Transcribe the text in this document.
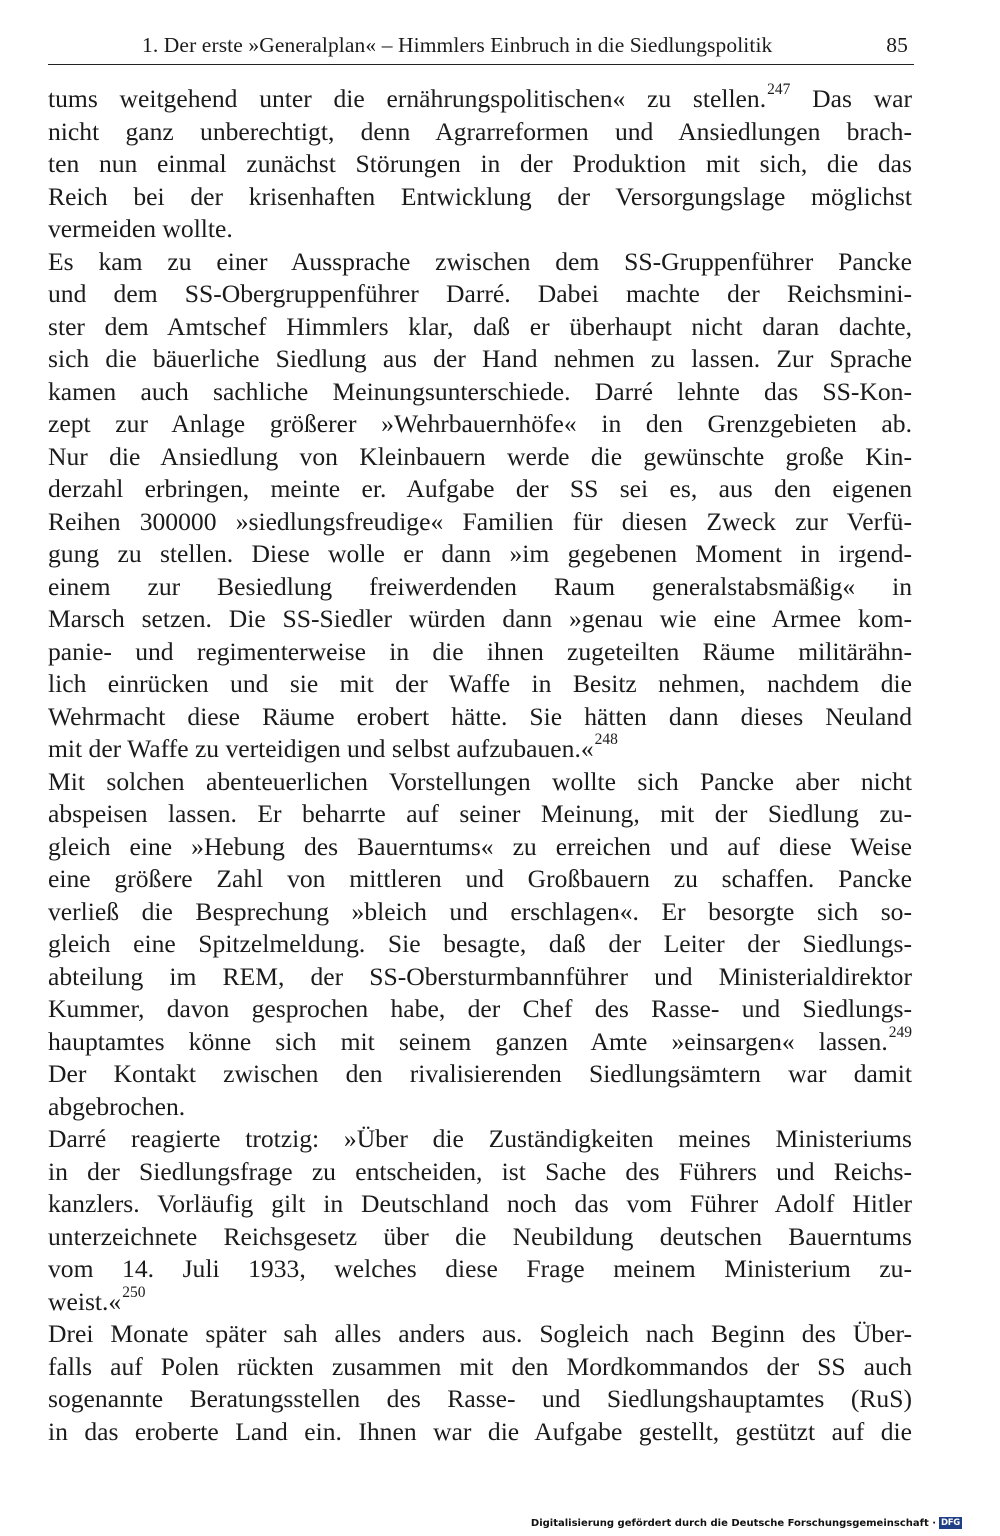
1. Der erste »Generalplan« – Himmlers Einbruch in die Siedlungspolitik	85
tums weitgehend unter die ernährungspolitischen« zu stellen.$^{247}$ Das war
nicht ganz unberechtigt, denn Agrarreformen und Ansiedlungen brach-
ten nun einmal zunächst Störungen in der Produktion mit sich, die das
Reich bei der krisenhaften Entwicklung der Versorgungslage möglichst
vermeiden wollte.
Es kam zu einer Aussprache zwischen dem SS-Gruppenführer Pancke
und dem SS-Obergruppenführer Darré. Dabei machte der Reichsmini-
ster dem Amtschef Himmlers klar, daß er überhaupt nicht daran dachte,
sich die bäuerliche Siedlung aus der Hand nehmen zu lassen. Zur Sprache
kamen auch sachliche Meinungsunterschiede. Darré lehnte das SS-Kon-
zept zur Anlage größerer »Wehrbauernhöfe« in den Grenzgebieten ab.
Nur die Ansiedlung von Kleinbauern werde die gewünschte große Kin-
derzahl erbringen, meinte er. Aufgabe der SS sei es, aus den eigenen
Reihen 300000 »siedlungsfreudige« Familien für diesen Zweck zur Verfü-
gung zu stellen. Diese wolle er dann »im gegebenen Moment in irgend-
einem zur Besiedlung freiwerdenden Raum generalstabsmäßig« in
Marsch setzen. Die SS-Siedler würden dann »genau wie eine Armee kom-
panie- und regimenterweise in die ihnen zugeteilten Räume militärähn-
lich einrücken und sie mit der Waffe in Besitz nehmen, nachdem die
Wehrmacht diese Räume erobert hätte. Sie hätten dann dieses Neuland
mit der Waffe zu verteidigen und selbst aufzubauen.«$^{248}$
Mit solchen abenteuerlichen Vorstellungen wollte sich Pancke aber nicht
abspeisen lassen. Er beharrte auf seiner Meinung, mit der Siedlung zu-
gleich eine »Hebung des Bauerntums« zu erreichen und auf diese Weise
eine größere Zahl von mittleren und Großbauern zu schaffen. Pancke
verließ die Besprechung »bleich und erschlagen«. Er besorgte sich so-
gleich eine Spitzelmeldung. Sie besagte, daß der Leiter der Siedlungs-
abteilung im REM, der SS-Obersturmbannführer und Ministerialdirektor
Kummer, davon gesprochen habe, der Chef des Rasse- und Siedlungs-
hauptamtes könne sich mit seinem ganzen Amte »einsargen« lassen.$^{249}$
Der Kontakt zwischen den rivalisierenden Siedlungsämtern war damit
abgebrochen.
Darré reagierte trotzig: »Über die Zuständigkeiten meines Ministeriums
in der Siedlungsfrage zu entscheiden, ist Sache des Führers und Reichs-
kanzlers. Vorläufig gilt in Deutschland noch das vom Führer Adolf Hitler
unterzeichnete Reichsgesetz über die Neubildung deutschen Bauerntums
vom 14. Juli 1933, welches diese Frage meinem Ministerium zu-
weist.«$^{250}$
Drei Monate später sah alles anders aus. Sogleich nach Beginn des Über-
falls auf Polen rückten zusammen mit den Mordkommandos der SS auch
sogenannte Beratungsstellen des Rasse- und Siedlungshauptamtes (RuS)
in das eroberte Land ein. Ihnen war die Aufgabe gestellt, gestützt auf die
Digitalisierung gefördert durch die Deutsche Forschungsgemeinschaft · DFG
